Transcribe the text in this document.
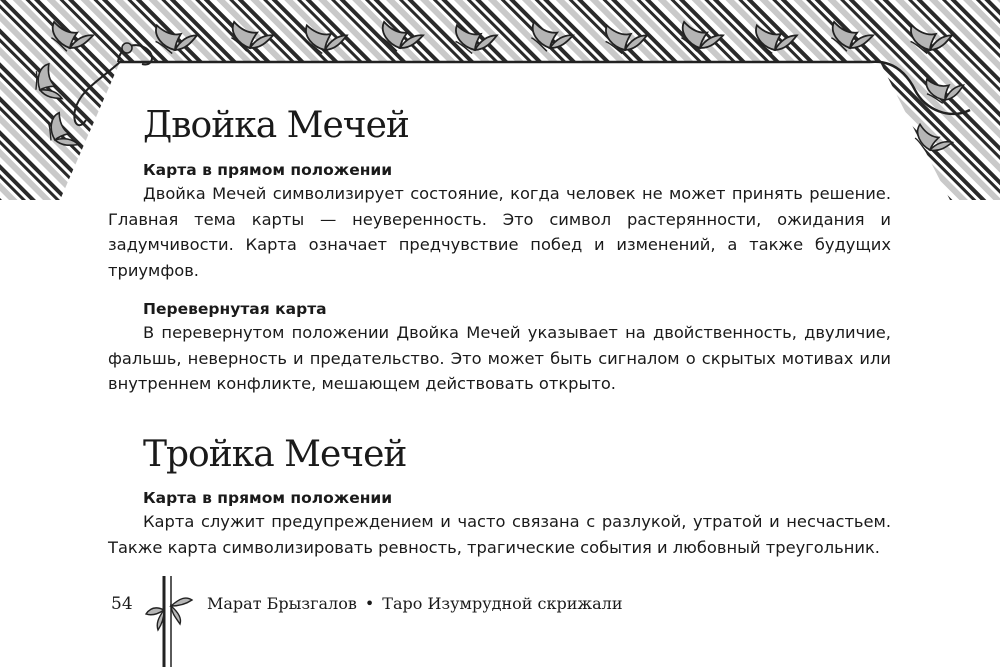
Двойка Мечей
Карта в прямом положении

Двойка Мечей символизирует состояние, когда человек не может принять решение. Главная тема карты — неуверенность. Это символ растерянности, ожидания и задумчивости. Карта означает предчувствие побед и изменений, а также будущих триумфов.

Перевернутая карта

В перевернутом положении Двойка Мечей указывает на двойственность, двуличие, фальшь, неверность и предательство. Это может быть сигналом о скрытых мотивах или внутреннем конфликте, мешающем действовать открыто.

Тройка Мечей
Карта в прямом положении

Карта служит предупреждением и часто связана с разлукой, утратой и несчастьем. Также карта символизировать ревность, трагические события и любовный треугольник.

54	Марат Брызгалов • Таро Изумрудной скрижали
